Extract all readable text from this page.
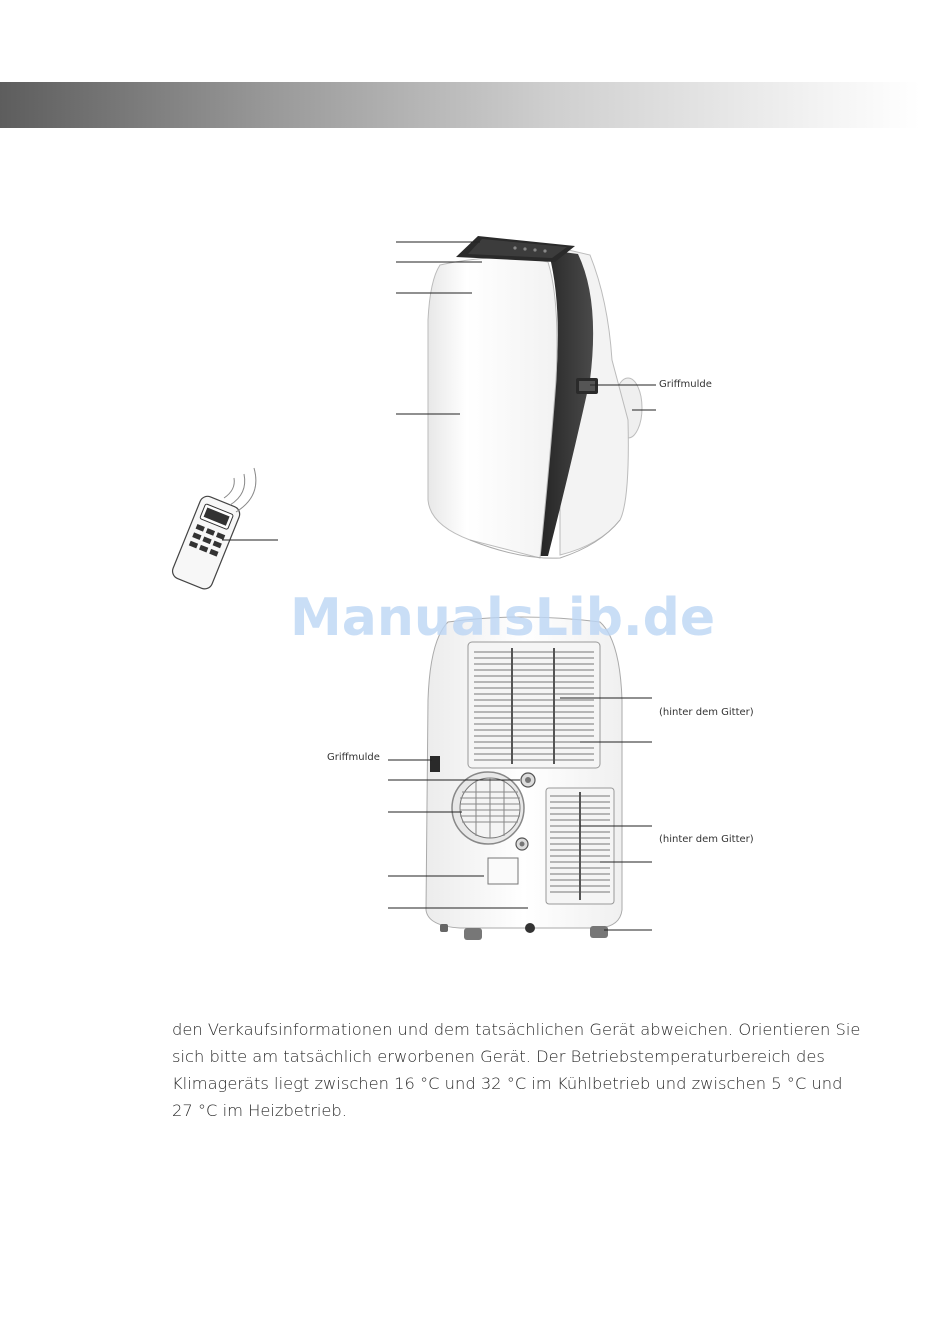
Griffmulde
Griffmulde
(hinter dem Gitter)
(hinter dem Gitter)
ManualsLib.de
den Verkaufsinformationen und dem tatsächlichen Gerät abweichen. Orientieren Sie
sich bitte am tatsächlich erworbenen Gerät. Der Betriebstemperaturbereich des
Klimageräts liegt zwischen 16 °C und 32 °C im Kühlbetrieb und zwischen 5 °C und
27 °C im Heizbetrieb.
